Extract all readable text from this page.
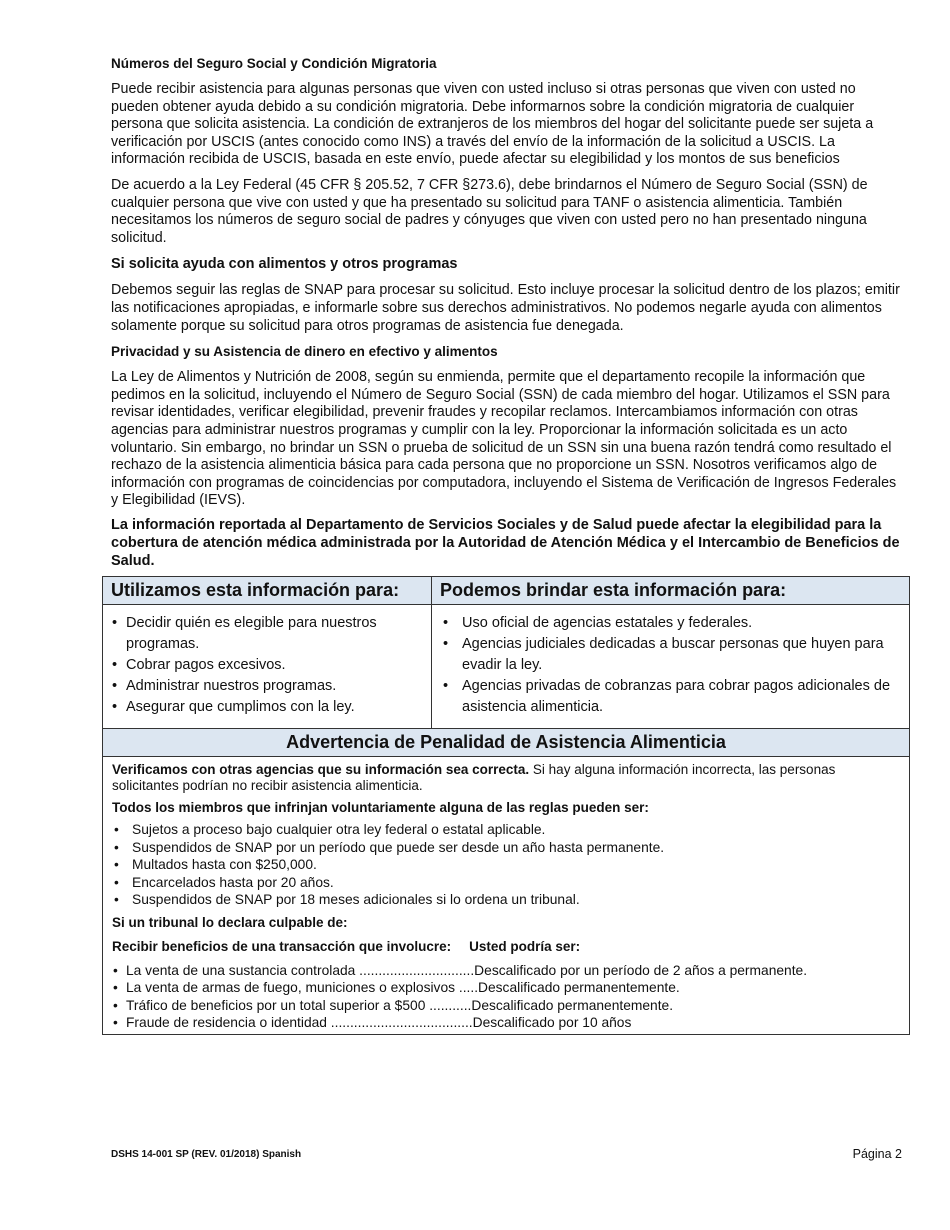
Números del Seguro Social y Condición Migratoria

Puede recibir asistencia para algunas personas que viven con usted incluso si otras personas que viven con usted no pueden obtener ayuda debido a su condición migratoria. Debe informarnos sobre la condición migratoria de cualquier persona que solicita asistencia. La condición de extranjeros de los miembros del hogar del solicitante puede ser sujeta a verificación por USCIS (antes conocido como INS) a través del envío de la información de la solicitud a USCIS. La información recibida de USCIS, basada en este envío, puede afectar su elegibilidad y los montos de sus beneficios

De acuerdo a la Ley Federal (45 CFR § 205.52, 7 CFR §273.6), debe brindarnos el Número de Seguro Social (SSN) de cualquier persona que vive con usted y que ha presentado su solicitud para TANF o asistencia alimenticia. También necesitamos los números de seguro social de padres y cónyuges que viven con usted pero no han presentado ninguna solicitud.

Si solicita ayuda con alimentos y otros programas

Debemos seguir las reglas de SNAP para procesar su solicitud. Esto incluye procesar la solicitud dentro de los plazos; emitir las notificaciones apropiadas, e informarle sobre sus derechos administrativos. No podemos negarle ayuda con alimentos solamente porque su solicitud para otros programas de asistencia fue denegada.

Privacidad y su Asistencia de dinero en efectivo y alimentos

La Ley de Alimentos y Nutrición de 2008, según su enmienda, permite que el departamento recopile la información que pedimos en la solicitud, incluyendo el Número de Seguro Social (SSN) de cada miembro del hogar. Utilizamos el SSN para revisar identidades, verificar elegibilidad, prevenir fraudes y recopilar reclamos. Intercambiamos información con otras agencias para administrar nuestros programas y cumplir con la ley. Proporcionar la información solicitada es un acto voluntario. Sin embargo, no brindar un SSN o prueba de solicitud de un SSN sin una buena razón tendrá como resultado el rechazo de la asistencia alimenticia básica para cada persona que no proporcione un SSN. Nosotros verificamos algo de información con programas de coincidencias por computadora, incluyendo el Sistema de Verificación de Ingresos Federales y Elegibilidad (IEVS).

La información reportada al Departamento de Servicios Sociales y de Salud puede afectar la elegibilidad para la cobertura de atención médica administrada por la Autoridad de Atención Médica y el Intercambio de Beneficios de Salud.

Utilizamos esta información para:
• Decidir quién es elegible para nuestros programas.
• Cobrar pagos excesivos.
• Administrar nuestros programas.
• Asegurar que cumplimos con la ley.
Podemos brindar esta información para:
• Uso oficial de agencias estatales y federales.
• Agencias judiciales dedicadas a buscar personas que huyen para evadir la ley.
• Agencias privadas de cobranzas para cobrar pagos adicionales de asistencia alimenticia.
Advertencia de Penalidad de Asistencia Alimenticia

Verificamos con otras agencias que su información sea correcta. Si hay alguna información incorrecta, las personas solicitantes podrían no recibir asistencia alimenticia.

Todos los miembros que infrinjan voluntariamente alguna de las reglas pueden ser:

• Sujetos a proceso bajo cualquier otra ley federal o estatal aplicable.
• Suspendidos de SNAP por un período que puede ser desde un año hasta permanente.
• Multados hasta con $250,000.
• Encarcelados hasta por 20 años.
• Suspendidos de SNAP por 18 meses adicionales si lo ordena un tribunal.
Si un tribunal lo declara culpable de:
Recibir beneficios de una transacción que involucre: Usted podría ser:
• La venta de una sustancia controlada ..............................Descalificado por un período de 2 años a permanente.
• La venta de armas de fuego, municiones o explosivos .....Descalificado permanentemente.
• Tráfico de beneficios por un total superior a $500 ...........Descalificado permanentemente.
• Fraude de residencia o identidad .....................................Descalificado por 10 años
DSHS 14-001 SP (REV. 01/2018) Spanish	Página 2
